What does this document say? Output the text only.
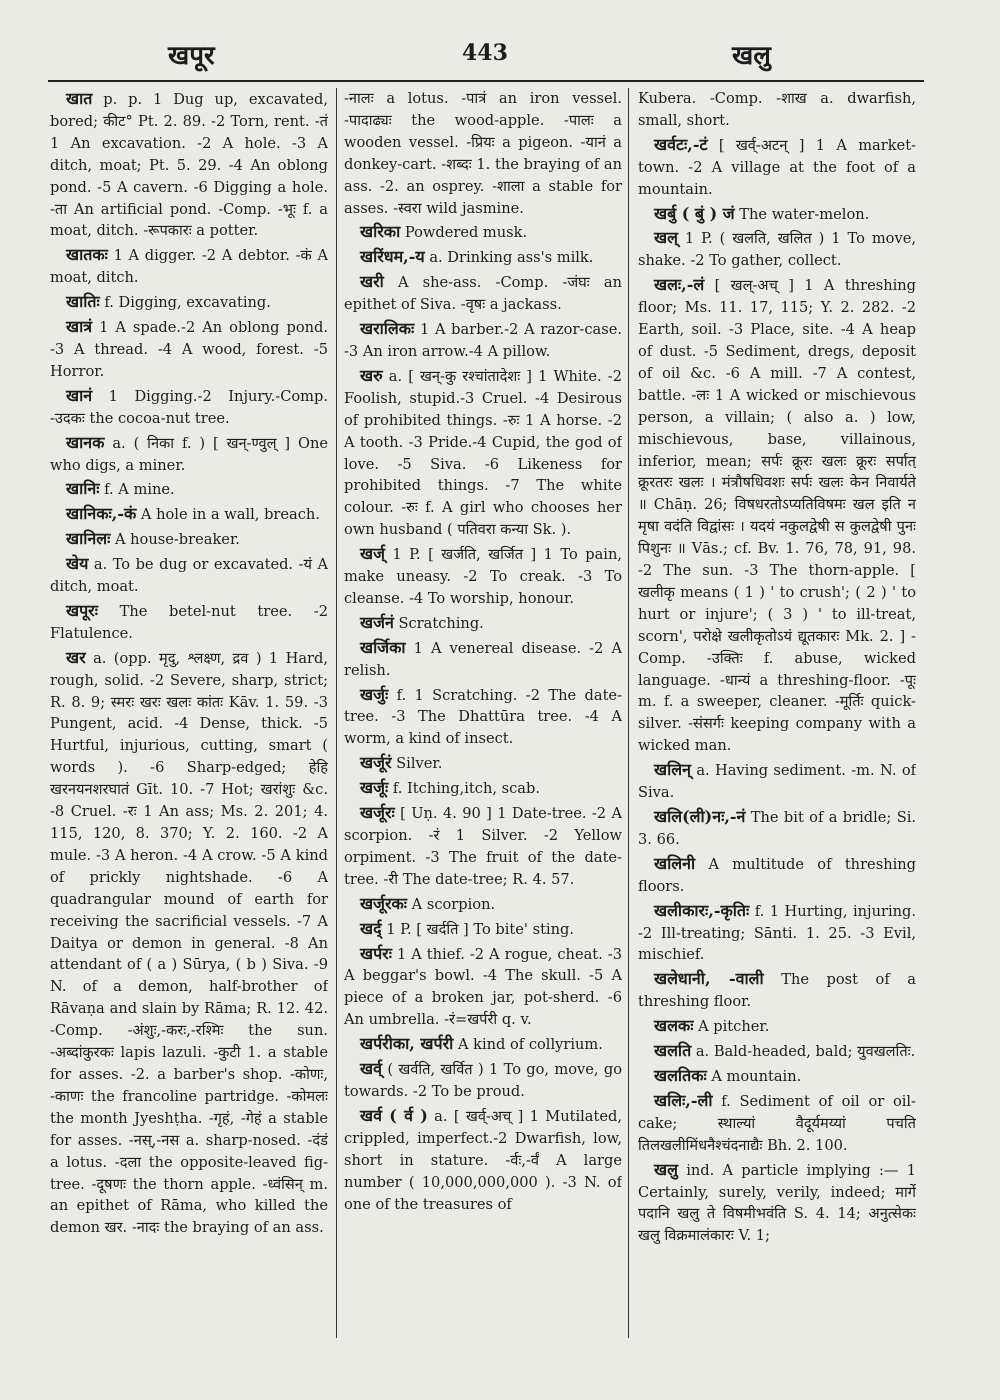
खपूर	443	खलु

खात p. p. 1 Dug up, excavated, bored; कीट° Pt. 2. 89. -2 Torn, rent. -तं 1 An excavation. -2 A hole. -3 A ditch, moat; Pt. 5. 29. -4 An oblong pond. -5 A cavern. -6 Digging a hole. -ता An artificial pond. -Comp. -भूः f. a moat, ditch. -रूपकारः a potter.

खातकः 1 A digger. -2 A debtor. -कं A moat, ditch.

खातिः f. Digging, excavating.

खात्रं 1 A spade.-2 An oblong pond. -3 A thread. -4 A wood, forest. -5 Horror.

खानं 1 Digging.-2 Injury.-Comp. -उदकः the cocoa-nut tree.

खानक a. ( निका f. ) [ खन्-ण्वुल् ] One who digs, a miner.

खानिः f. A mine.

खानिकः,-कं A hole in a wall, breach.

खानिलः A house-breaker.

खेय a. To be dug or excavated. -यं A ditch, moat.

खपूरः The betel-nut tree. -2 Flatulence.

खर a. (opp. मृदु, श्लक्ष्ण, द्रव ) 1 Hard, rough, solid. -2 Severe, sharp, strict; R. 8. 9; स्मरः खरः खलः कांतः Kāv. 1. 59. -3 Pungent, acid. -4 Dense, thick. -5 Hurtful, injurious, cutting, smart ( words ). -6 Sharp-edged; हेहि खरनयनशरघातं Gīt. 10. -7 Hot; खरांशुः &c. -8 Cruel. -रः 1 An ass; Ms. 2. 201; 4. 115, 120, 8. 370; Y. 2. 160. -2 A mule. -3 A heron. -4 A crow. -5 A kind of prickly nightshade. -6 A quadrangular mound of earth for receiving the sacrificial vessels. -7 A Daitya or demon in general. -8 An attendant of ( a ) Sūrya, ( b ) Siva. -9 N. of a demon, half-brother of Rāvaṇa and slain by Rāma; R. 12. 42. -Comp. -अंशुः,-करः,-रश्मिः the sun. -अब्दांकुरकः lapis lazuli. -कुटी 1. a stable for asses. -2. a barber's shop. -कोणः, -काणः the francoline partridge. -कोमलः the month Jyeshṭha. -गृहं, -गेहं a stable for asses. -नस्,-नस a. sharp-nosed. -दंडं a lotus. -दला the opposite-leaved fig-tree. -दूषणः the thorn apple. -ध्वंसिन् m. an epithet of Rāma, who killed the demon खर. -नादः the braying of an ass.

-नालः a lotus. -पात्रं an iron vessel. -पादाढ्यः the wood-apple. -पालः a wooden vessel. -प्रियः a pigeon. -यानं a donkey-cart. -शब्दः 1. the braying of an ass. -2. an osprey. -शाला a stable for asses. -स्वरा wild jasmine.

खरिका Powdered musk.

खरिंधम,-य a. Drinking ass's milk.

खरी A she-ass. -Comp. -जंघः an epithet of Siva. -वृषः a jackass.

खरालिकः 1 A barber.-2 A razor-case. -3 An iron arrow.-4 A pillow.

खरु a. [ खन्-कु रश्चांतादेशः ] 1 White. -2 Foolish, stupid.-3 Cruel. -4 Desirous of prohibited things. -रुः 1 A horse. -2 A tooth. -3 Pride.-4 Cupid, the god of love. -5 Siva. -6 Likeness for prohibited things. -7 The white colour. -रुः f. A girl who chooses her own husband ( पतिवरा कन्या Sk. ).

खर्ज् 1 P. [ खर्जति, खर्जित ] 1 To pain, make uneasy. -2 To creak. -3 To cleanse. -4 To worship, honour.

खर्जनं Scratching.

खर्जिका 1 A venereal disease. -2 A relish.

खर्जुः f. 1 Scratching. -2 The date-tree. -3 The Dhattūra tree. -4 A worm, a kind of insect.

खर्जूरं Silver.

खर्जूः f. Itching,itch, scab.

खर्जूरः [ Uṇ. 4. 90 ] 1 Date-tree. -2 A scorpion. -रं 1 Silver. -2 Yellow orpiment. -3 The fruit of the date-tree. -री The date-tree; R. 4. 57.

खर्जूरकः A scorpion.

खर्द् 1 P. [ खर्दति ] To bite' sting.

खर्परः 1 A thief. -2 A rogue, cheat. -3 A beggar's bowl. -4 The skull. -5 A piece of a broken jar, pot-sherd. -6 An umbrella. -रं=खर्परी q. v.

खर्परीका, खर्परी A kind of collyrium.

खर्व् ( खर्वति, खर्वित ) 1 To go, move, go towards. -2 To be proud.

खर्व ( र्व ) a. [ खर्व्-अच् ] 1 Mutilated, crippled, imperfect.-2 Dwarfish, low, short in stature. -र्वः,-र्वं A large number ( 10,000,000,000 ). -3 N. of one of the treasures of

Kubera. -Comp. -शाख a. dwarfish, small, short.

खर्वटः,-टं [ खर्व्-अटन् ] 1 A market-town. -2 A village at the foot of a mountain.

खर्बु ( बुं ) जं The water-melon.

खल् 1 P. ( खलति, खलित ) 1 To move, shake. -2 To gather, collect.

खलः,-लं [ खल्-अच् ] 1 A threshing floor; Ms. 11. 17, 115; Y. 2. 282. -2 Earth, soil. -3 Place, site. -4 A heap of dust. -5 Sediment, dregs, deposit of oil &c. -6 A mill. -7 A contest, battle. -लः 1 A wicked or mischievous person, a villain; ( also a. ) low, mischievous, base, villainous, inferior, mean; सर्पः क्रूरः खलः क्रूरः सर्पात् क्रूरतरः खलः । मंत्रौषधिवशः सर्पः खलः केन निवार्यते ॥ Chāṇ. 26; विषधरतोऽप्यतिविषमः खल इति न मृषा वदंति विद्वांसः । यदयं नकुलद्वेषी स कुलद्वेषी पुनः पिशुनः ॥ Vās.; cf. Bv. 1. 76, 78, 91, 98. -2 The sun. -3 The thorn-apple. [ खलीकृ means ( 1 ) ' to crush'; ( 2 ) ' to hurt or injure'; ( 3 ) ' to ill-treat, scorn', परोक्षे खलीकृतोऽयं द्यूतकारः Mk. 2. ] -Comp. -उक्तिः f. abuse, wicked language. -धान्यं a threshing-floor. -पूः m. f. a sweeper, cleaner. -मूर्तिः quick-silver. -संसर्गः keeping company with a wicked man.

खलिन् a. Having sediment. -m. N. of Siva.

खलि(ली)नः,-नं The bit of a bridle; Si. 3. 66.

खलिनी A multitude of threshing floors.

खलीकारः,-कृतिः f. 1 Hurting, injuring. -2 Ill-treating; Sānti. 1. 25. -3 Evil, mischief.

खलेधानी, -वाली The post of a threshing floor.

खलकः A pitcher.

खलति a. Bald-headed, bald; युवखलतिः.

खलतिकः A mountain.

खलिः,-ली f. Sediment of oil or oil-cake; स्थाल्यां वैदूर्यमय्यां पचति तिलखलीमिंधनैश्चंदनाद्यैः Bh. 2. 100.

खलु ind. A particle implying :— 1 Certainly, surely, verily, indeed; मार्गे पदानि खलु ते विषमीभवंति S. 4. 14; अनुत्सेकः खलु विक्रमालंकारः V. 1;
